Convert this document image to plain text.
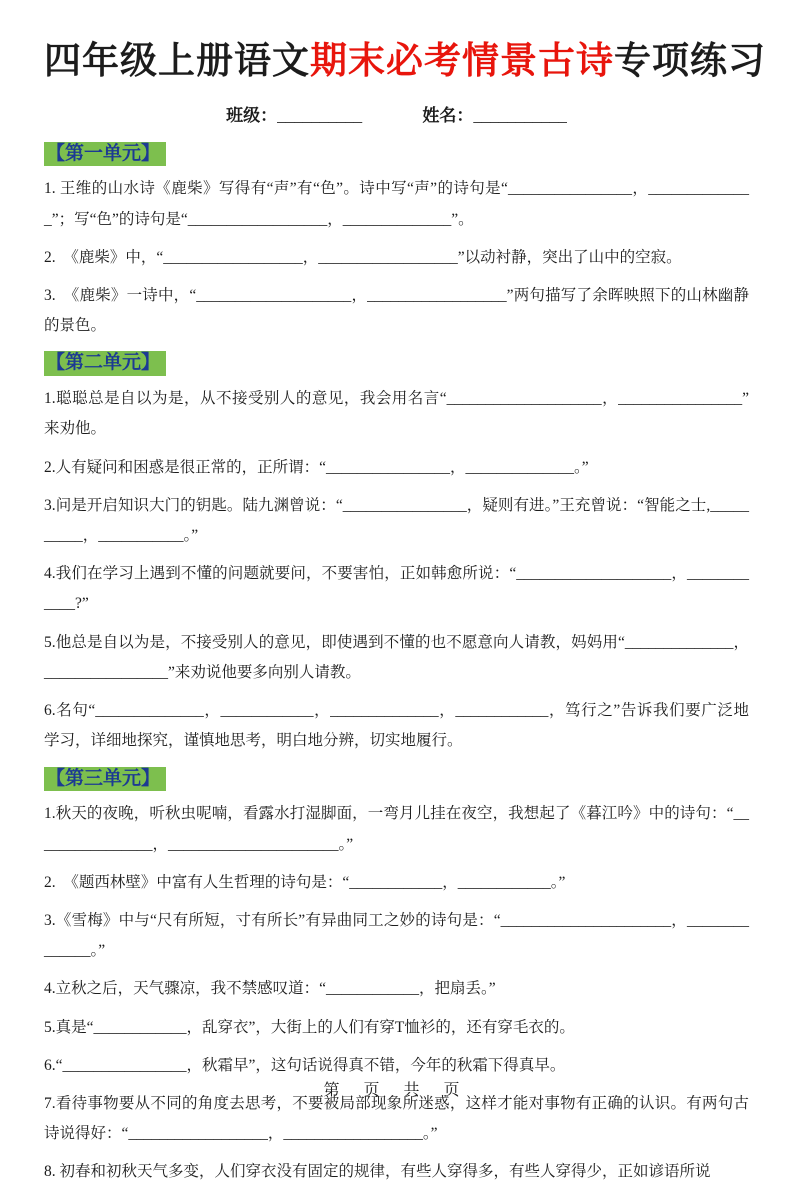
四年级上册语文期末必考情景古诗专项练习
班级：__________	姓名：___________
【第一单元】

1. 王维的山水诗《鹿柴》写得有“声”有“色”。诗中写“声”的诗句是“________________，______________”；写“色”的诗句是“__________________，______________”。

2.　《鹿柴》中，“__________________，__________________”以动衬静，突出了山中的空寂。

3.　《鹿柴》一诗中，“____________________，__________________”两句描写了余晖映照下的山林幽静的景色。

【第二单元】

1.聪聪总是自以为是，从不接受别人的意见，我会用名言“____________________，________________”来劝他。

2.人有疑问和困惑是很正常的，正所谓：“________________，______________。”

3.问是开启知识大门的钥匙。陆九渊曾说：“________________，疑则有进。”王充曾说：“智能之士,__________，___________。”

4.我们在学习上遇到不懂的问题就要问，不要害怕，正如韩愈所说：“____________________，____________?”

5.他总是自以为是，不接受别人的意见，即使遇到不懂的也不愿意向人请教，妈妈用“______________，________________”来劝说他要多向别人请教。

6.名句“______________，____________，______________，____________，笃行之”告诉我们要广泛地学习，详细地探究，谨慎地思考，明白地分辨，切实地履行。

【第三单元】

1.秋天的夜晚，听秋虫呢喃，看露水打湿脚面，一弯月儿挂在夜空，我想起了《暮江吟》中的诗句：“________________，______________________。”

2.　《题西林壁》中富有人生哲理的诗句是：“____________，____________。”

3.《雪梅》中与“尺有所短，寸有所长”有异曲同工之妙的诗句是：“______________________，______________。”

4.立秋之后，天气骤凉，我不禁感叹道：“____________，把扇丢。”

5.真是“____________，乱穿衣”，大街上的人们有穿T恤衫的，还有穿毛衣的。

6.“________________，秋霜早”，这句话说得真不错，今年的秋霜下得真早。

7.看待事物要从不同的角度去思考，不要被局部现象所迷惑，这样才能对事物有正确的认识。有两句古诗说得好：“__________________，__________________。”

8. 初春和初秋天气多变，人们穿衣没有固定的规律，有些人穿得多，有些人穿得少，正如谚语所说

第 页 共 页
